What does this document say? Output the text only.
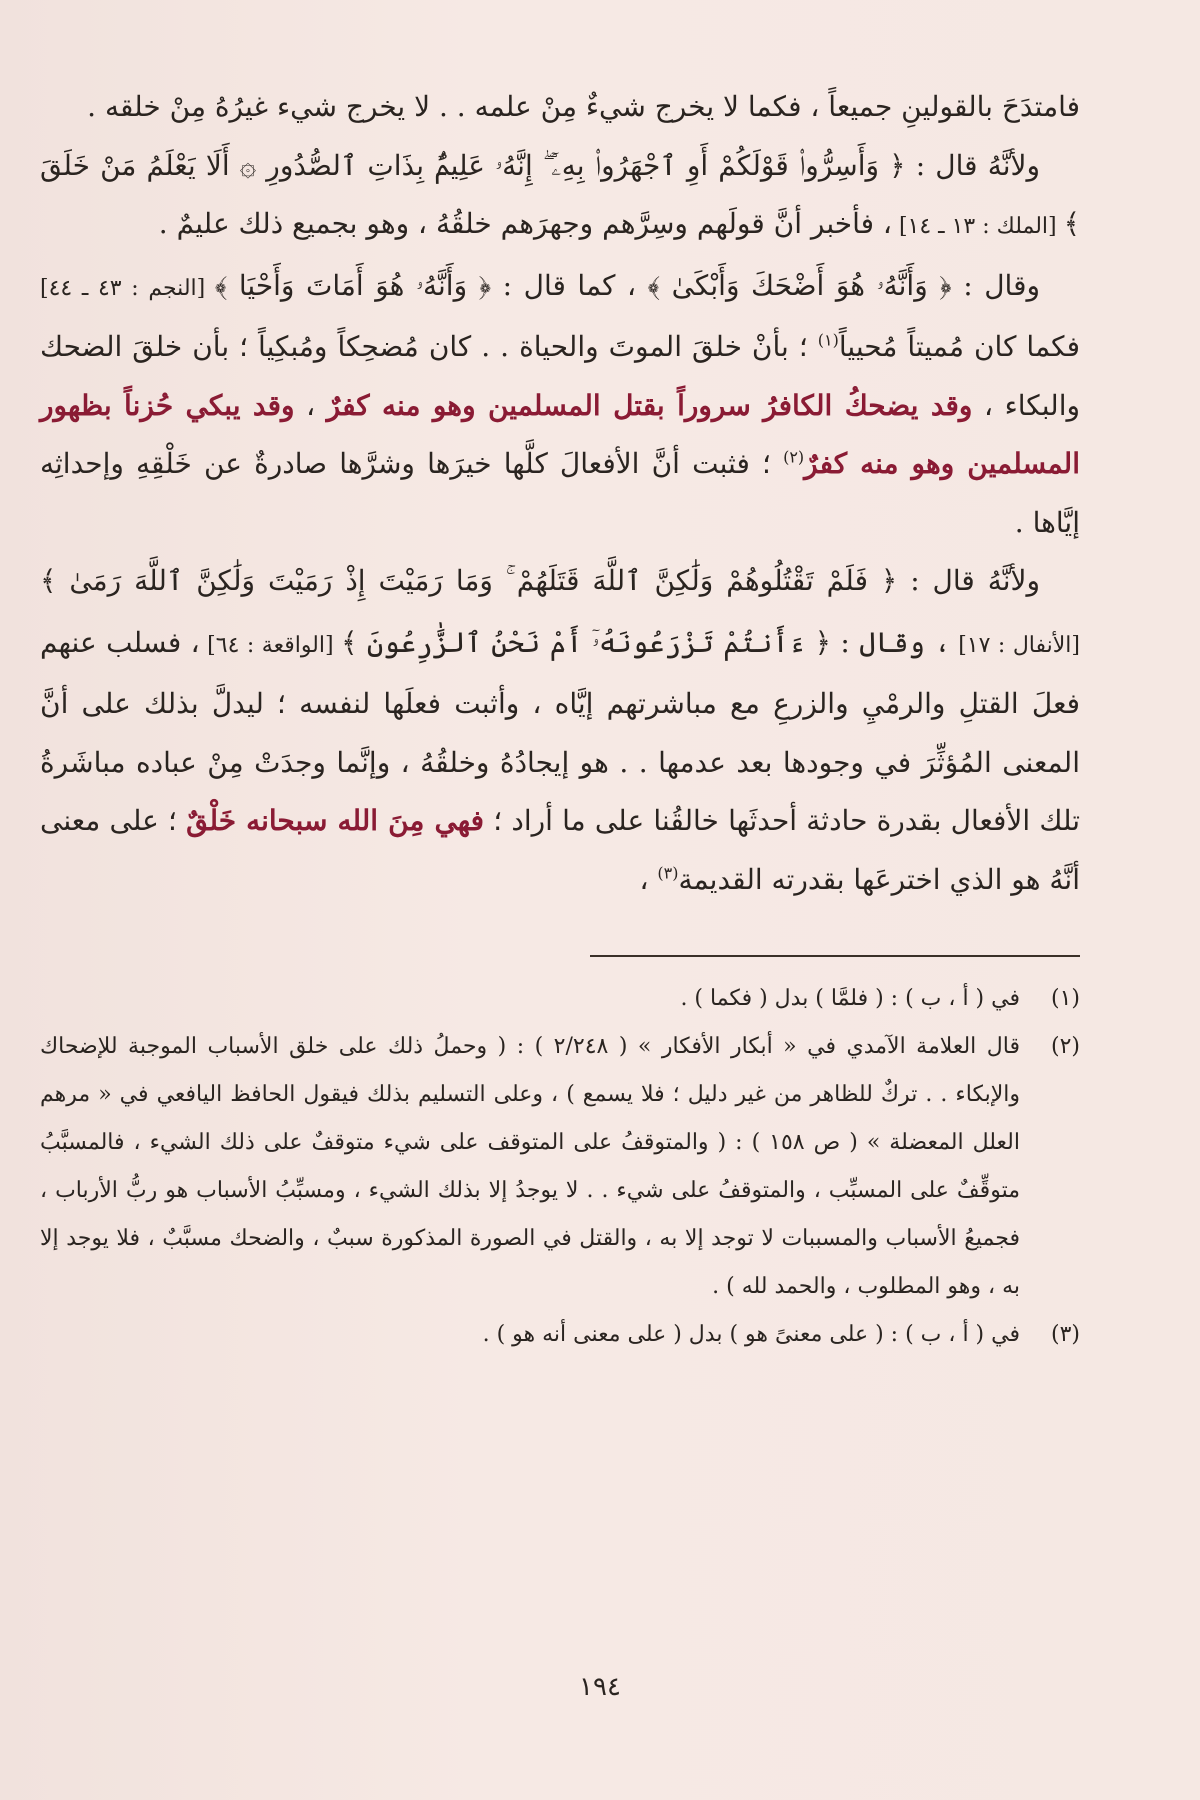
فامتدَحَ بالقولينِ جميعاً ، فكما لا يخرج شيءٌ مِنْ علمه . . لا يخرج شيء غيرُهُ مِنْ خلقه .

ولأنَّهُ قال : ﴿ وَأَسِرُّوا۟ قَوْلَكُمْ أَوِ ٱجْهَرُوا۟ بِهِۦٓ ۖ إِنَّهُۥ عَلِيمٌۢ بِذَاتِ ٱلصُّدُورِ ۞ أَلَا يَعْلَمُ مَنْ خَلَقَ ﴾ [الملك : ١٣ ـ ١٤] ، فأخبر أنَّ قولَهم وسِرَّهم وجهرَهم خلقُهُ ، وهو بجميع ذلك عليمٌ .

وقال : ﴿ وَأَنَّهُۥ هُوَ أَضْحَكَ وَأَبْكَىٰ ﴾ ، كما قال : ﴿ وَأَنَّهُۥ هُوَ أَمَاتَ وَأَحْيَا ﴾ [النجم : ٤٣ ـ ٤٤] فكما كان مُميتاً مُحيياً$^{(١)}$ ؛ بأنْ خلقَ الموتَ والحياة . . كان مُضحِكاً ومُبكِياً ؛ بأن خلقَ الضحك والبكاء ، وقد يضحكُ الكافرُ سروراً بقتل المسلمين وهو منه كفرٌ ، وقد يبكي حُزناً بظهور المسلمين وهو منه كفرٌ$^{(٢)}$ ؛ فثبت أنَّ الأفعالَ كلَّها خيرَها وشرَّها صادرةٌ عن خَلْقِهِ وإحداثِه إيَّاها .

ولأنَّهُ قال : ﴿ فَلَمْ تَقْتُلُوهُمْ وَلَٰكِنَّ ٱللَّهَ قَتَلَهُمْ ۚ وَمَا رَمَيْتَ إِذْ رَمَيْتَ وَلَٰكِنَّ ٱللَّهَ رَمَىٰ ﴾ [الأنفال : ١٧] ، وقال : ﴿ ءَأَنتُمْ تَزْرَعُونَهُۥٓ أَمْ نَحْنُ ٱلزَّٰرِعُونَ ﴾ [الواقعة : ٦٤] ، فسلب عنهم فعلَ القتلِ والرمْيِ والزرعِ مع مباشرتهم إيَّاه ، وأثبت فعلَها لنفسه ؛ ليدلَّ بذلك على أنَّ المعنى المُؤثِّرَ في وجودها بعد عدمها . . هو إيجادُهُ وخلقُهُ ، وإنَّما وجدَتْ مِنْ عباده مباشَرةُ تلك الأفعال بقدرة حادثة أحدثَها خالقُنا على ما أراد ؛ فهي مِنَ الله سبحانه خَلْقٌ ؛ على معنى أنَّهُ هو الذي اخترعَها بقدرته القديمة$^{(٣)}$ ،

(١)
في ( أ ، ب ) : ( فلمَّا ) بدل ( فكما ) .
(٢)
قال العلامة الآمدي في « أبكار الأفكار » ( ٢/٢٤٨ ) : ( وحملُ ذلك على خلق الأسباب الموجبة للإضحاك والإبكاء . . تركٌ للظاهر من غير دليل ؛ فلا يسمع ) ، وعلى التسليم بذلك فيقول الحافظ اليافعي في « مرهم العلل المعضلة » ( ص ١٥٨ ) : ( والمتوقفُ على المتوقف على شيء متوقفٌ على ذلك الشيء ، فالمسبَّبُ متوقِّفٌ على المسبِّب ، والمتوقفُ على شيء . . لا يوجدُ إلا بذلك الشيء ، ومسبِّبُ الأسباب هو ربُّ الأرباب ، فجميعُ الأسباب والمسببات لا توجد إلا به ، والقتل في الصورة المذكورة سببٌ ، والضحك مسبَّبٌ ، فلا يوجد إلا به ، وهو المطلوب ، والحمد لله ) .
(٣)
في ( أ ، ب ) : ( على معنىً هو ) بدل ( على معنى أنه هو ) .
١٩٤
